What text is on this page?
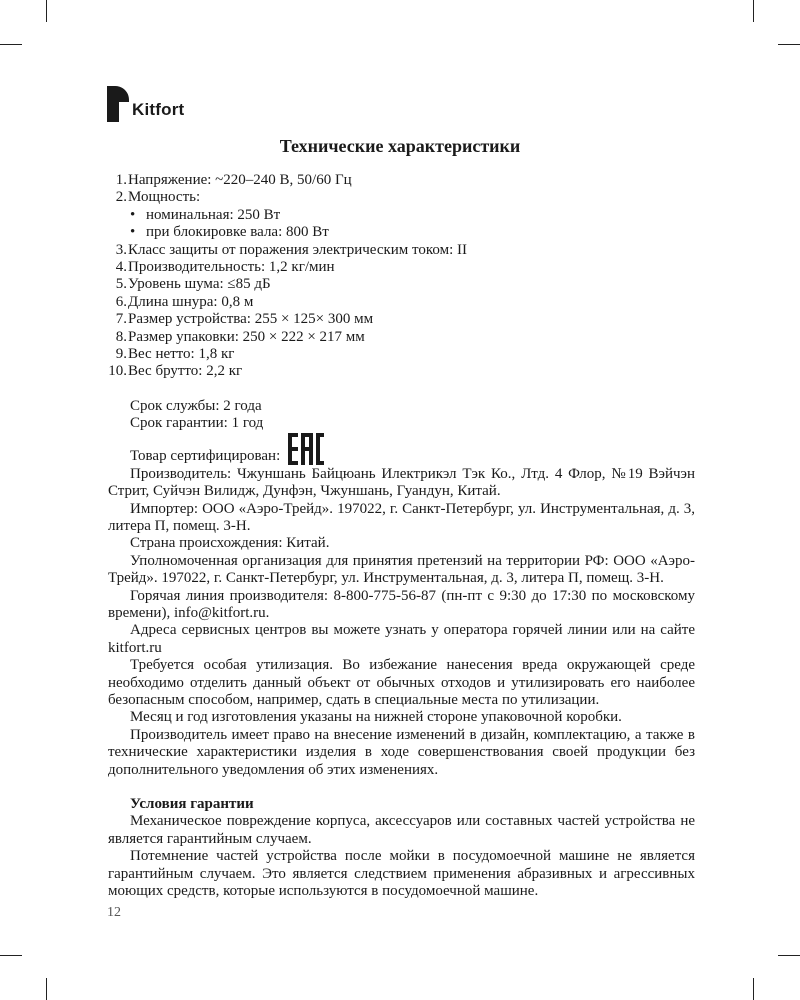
Kitfort
Технические характеристики
1. Напряжение: ~220–240 В, 50/60 Гц
2. Мощность:
• номинальная: 250 Вт
• при блокировке вала: 800 Вт
3. Класс защиты от поражения электрическим током: II
4. Производительность: 1,2 кг/мин
5. Уровень шума: ≤85 дБ
6. Длина шнура: 0,8 м
7. Размер устройства: 255 × 125× 300 мм
8. Размер упаковки: 250 × 222 × 217 мм
9. Вес нетто: 1,8 кг
10. Вес брутто: 2,2 кг
Срок службы: 2 года
Срок гарантии: 1 год
Товар сертифицирован:
Производитель: Чжуншань Байцюань Илектрикэл Тэк Ко., Лтд. 4 Флор, №19 Вэйчэн Стрит, Суйчэн Вилидж, Дунфэн, Чжуншань, Гуандун, Китай.
Импортер: ООО «Аэро-Трейд». 197022, г. Санкт-Петербург, ул. Инструментальная, д. 3, литера П, помещ. 3-Н.
Страна происхождения: Китай.
Уполномоченная организация для принятия претензий на территории РФ: ООО «Аэро-Трейд». 197022, г. Санкт-Петербург, ул. Инструментальная, д. 3, литера П, помещ. 3-Н.
Горячая линия производителя: 8-800-775-56-87 (пн-пт с 9:30 до 17:30 по московскому времени), info@kitfort.ru.
Адреса сервисных центров вы можете узнать у оператора горячей линии или на сайте kitfort.ru
Требуется особая утилизация. Во избежание нанесения вреда окружающей среде необходимо отделить данный объект от обычных отходов и утилизировать его наиболее безопасным способом, например, сдать в специальные места по утилизации.
Месяц и год изготовления указаны на нижней стороне упаковочной коробки.
Производитель имеет право на внесение изменений в дизайн, комплектацию, а также в технические характеристики изделия в ходе совершенствования своей продукции без дополнительного уведомления об этих изменениях.
Условия гарантии
Механическое повреждение корпуса, аксессуаров или составных частей устройства не является гарантийным случаем.
Потемнение частей устройства после мойки в посудомоечной машине не является гарантийным случаем. Это является следствием применения абразивных и агрессивных моющих средств, которые используются в посудомоечной машине.
12
